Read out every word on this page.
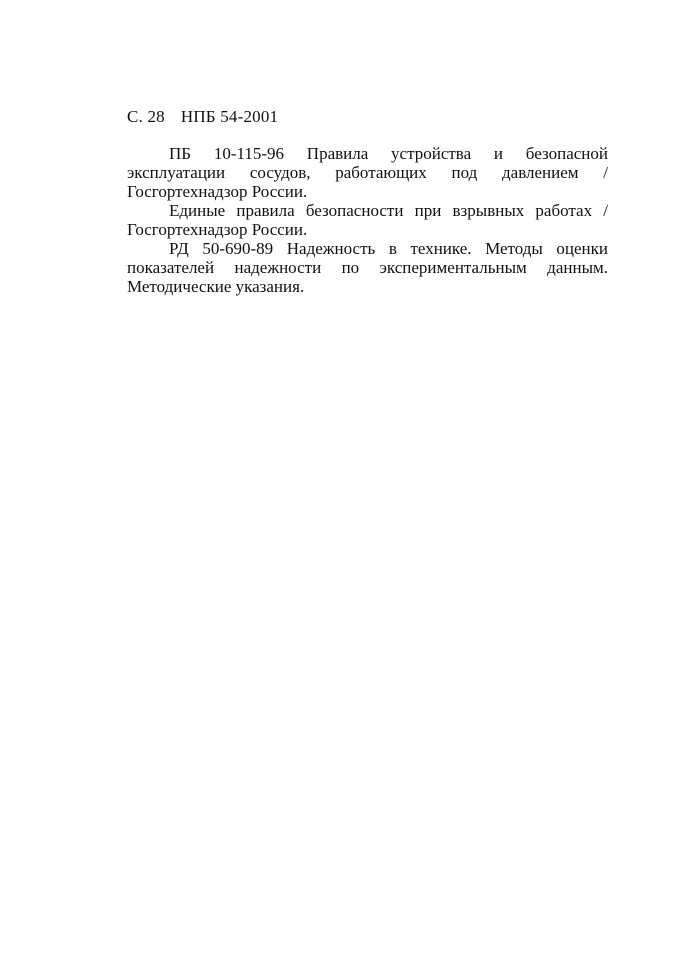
С. 28 НПБ 54-2001

ПБ 10-115-96 Правила устройства и безопасной эксплуатации сосудов, работающих под давлением / Госгортехнадзор России.

Единые правила безопасности при взрывных работах / Госгортехнадзор России.

РД 50-690-89 Надежность в технике. Методы оценки показателей надежности по экспериментальным данным. Методические указания.
